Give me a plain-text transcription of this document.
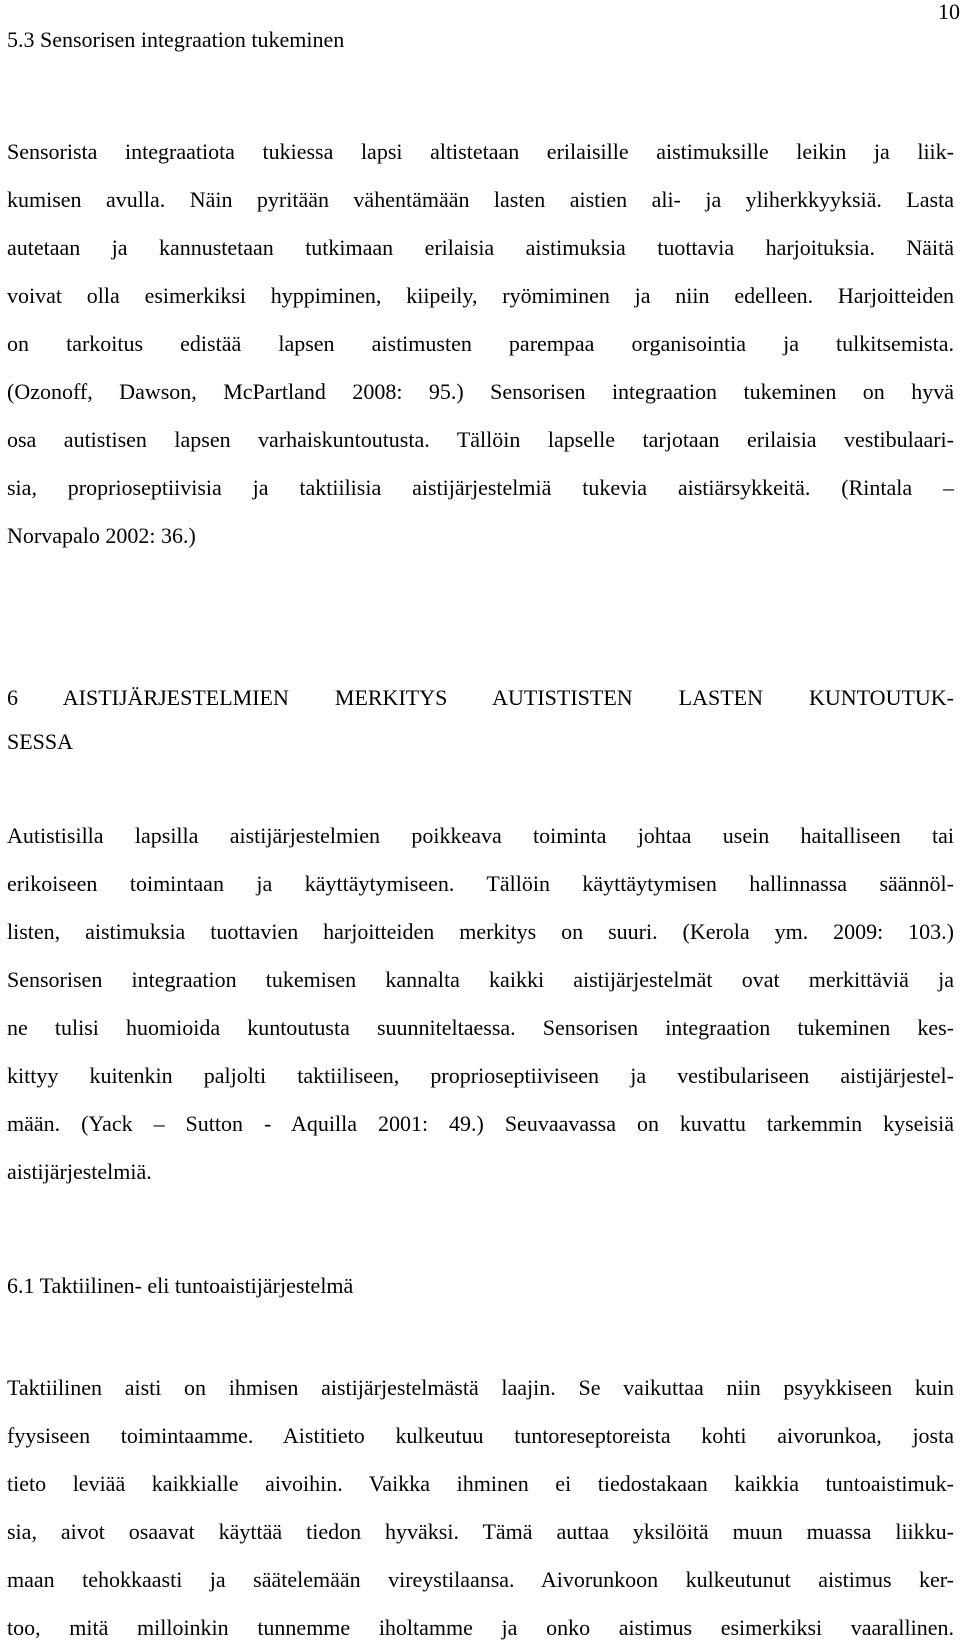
10
5.3 Sensorisen integraation tukeminen
Sensorista integraatiota tukiessa lapsi altistetaan erilaisille aistimuksille leikin ja liik-
kumisen avulla. Näin pyritään vähentämään lasten aistien ali- ja yliherkkyyksiä. Lasta
autetaan ja kannustetaan tutkimaan erilaisia aistimuksia tuottavia harjoituksia. Näitä
voivat olla esimerkiksi hyppiminen, kiipeily, ryömiminen ja niin edelleen. Harjoitteiden
on tarkoitus edistää lapsen aistimusten parempaa organisointia ja tulkitsemista.
(Ozonoff, Dawson, McPartland 2008: 95.) Sensorisen integraation tukeminen on hyvä
osa autistisen lapsen varhaiskuntoutusta. Tällöin lapselle tarjotaan erilaisia vestibulaari-
sia, proprioseptiivisia ja taktiilisia aistijärjestelmiä tukevia aistiärsykkeitä. (Rintala –
Norvapalo 2002: 36.)
6 AISTIJÄRJESTELMIEN MERKITYS AUTISTISTEN LASTEN KUNTOUTUK-
SESSA
Autistisilla lapsilla aistijärjestelmien poikkeava toiminta johtaa usein haitalliseen tai
erikoiseen toimintaan ja käyttäytymiseen. Tällöin käyttäytymisen hallinnassa säännöl-
listen, aistimuksia tuottavien harjoitteiden merkitys on suuri. (Kerola ym. 2009: 103.)
Sensorisen integraation tukemisen kannalta kaikki aistijärjestelmät ovat merkittäviä ja
ne tulisi huomioida kuntoutusta suunniteltaessa. Sensorisen integraation tukeminen kes-
kittyy kuitenkin paljolti taktiiliseen, proprioseptiiviseen ja vestibulariseen aistijärjestel-
mään. (Yack – Sutton - Aquilla 2001: 49.) Seuvaavassa on kuvattu tarkemmin kyseisiä
aistijärjestelmiä.
6.1 Taktiilinen- eli tuntoaistijärjestelmä
Taktiilinen aisti on ihmisen aistijärjestelmästä laajin. Se vaikuttaa niin psyykkiseen kuin
fyysiseen toimintaamme. Aistitieto kulkeutuu tuntoreseptoreista kohti aivorunkoa, josta
tieto leviää kaikkialle aivoihin. Vaikka ihminen ei tiedostakaan kaikkia tuntoaistimuk-
sia, aivot osaavat käyttää tiedon hyväksi. Tämä auttaa yksilöitä muun muassa liikku-
maan tehokkaasti ja säätelemään vireystilaansa. Aivorunkoon kulkeutunut aistimus ker-
too, mitä milloinkin tunnemme iholtamme ja onko aistimus esimerkiksi vaarallinen.
